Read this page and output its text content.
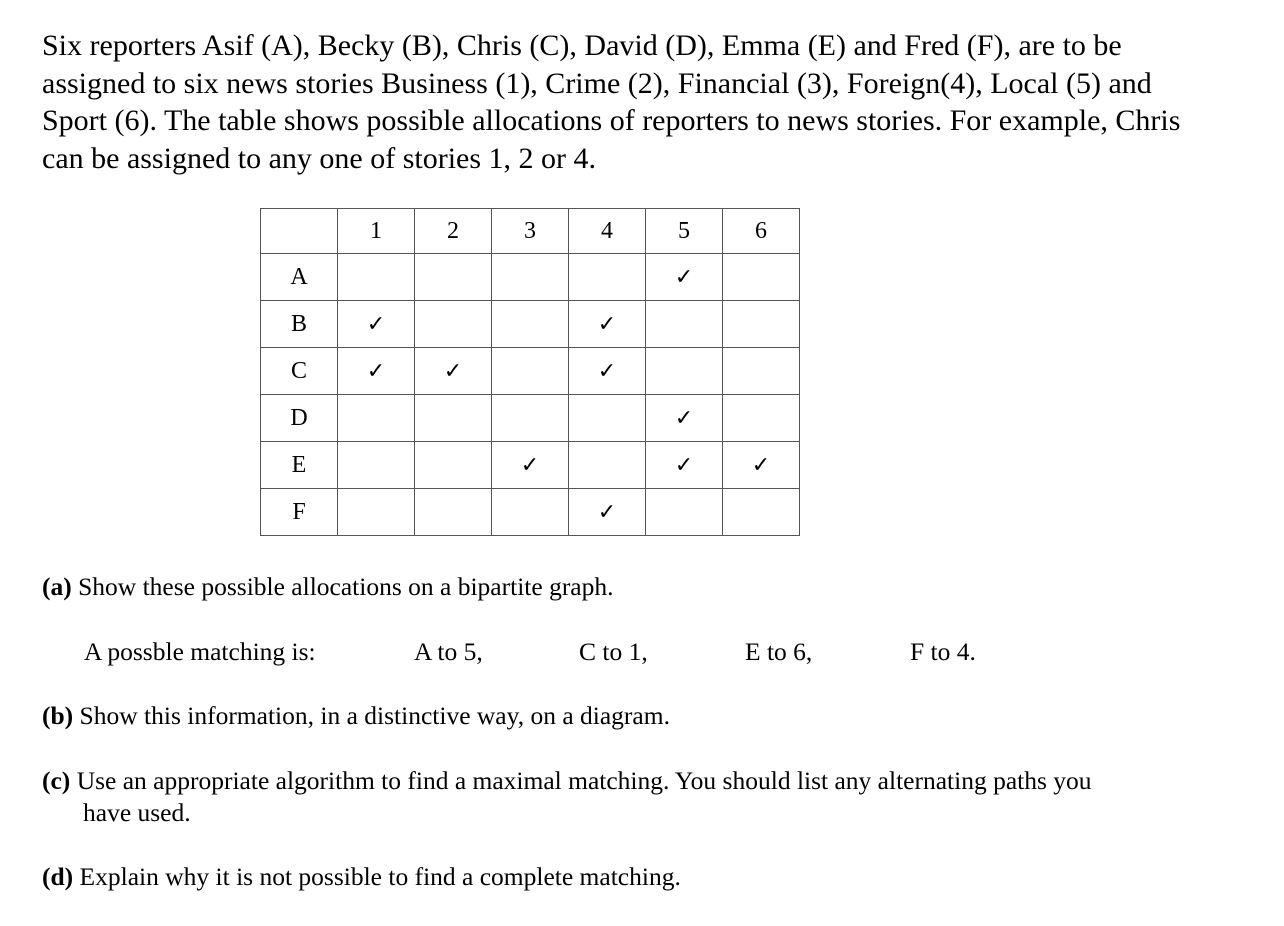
Six reporters Asif (A), Becky (B), Chris (C), David (D), Emma (E) and Fred (F), are to be assigned to six news stories Business (1), Crime (2), Financial (3), Foreign(4), Local (5) and Sport (6). The table shows possible allocations of reporters to news stories. For example, Chris can be assigned to any one of stories 1, 2 or 4.

	1	2	3	4	5	6
A					✓	
B	✓			✓		
C	✓	✓		✓		
D					✓	
E			✓		✓	✓
F				✓		

(a) Show these possible allocations on a bipartite graph.

A possble matching is:	A to 5,	C to 1,	E to 6,	F to 4.

(b) Show this information, in a distinctive way, on a diagram.

(c) Use an appropriate algorithm to find a maximal matching. You should list any alternating paths you
have used.

(d) Explain why it is not possible to find a complete matching.
